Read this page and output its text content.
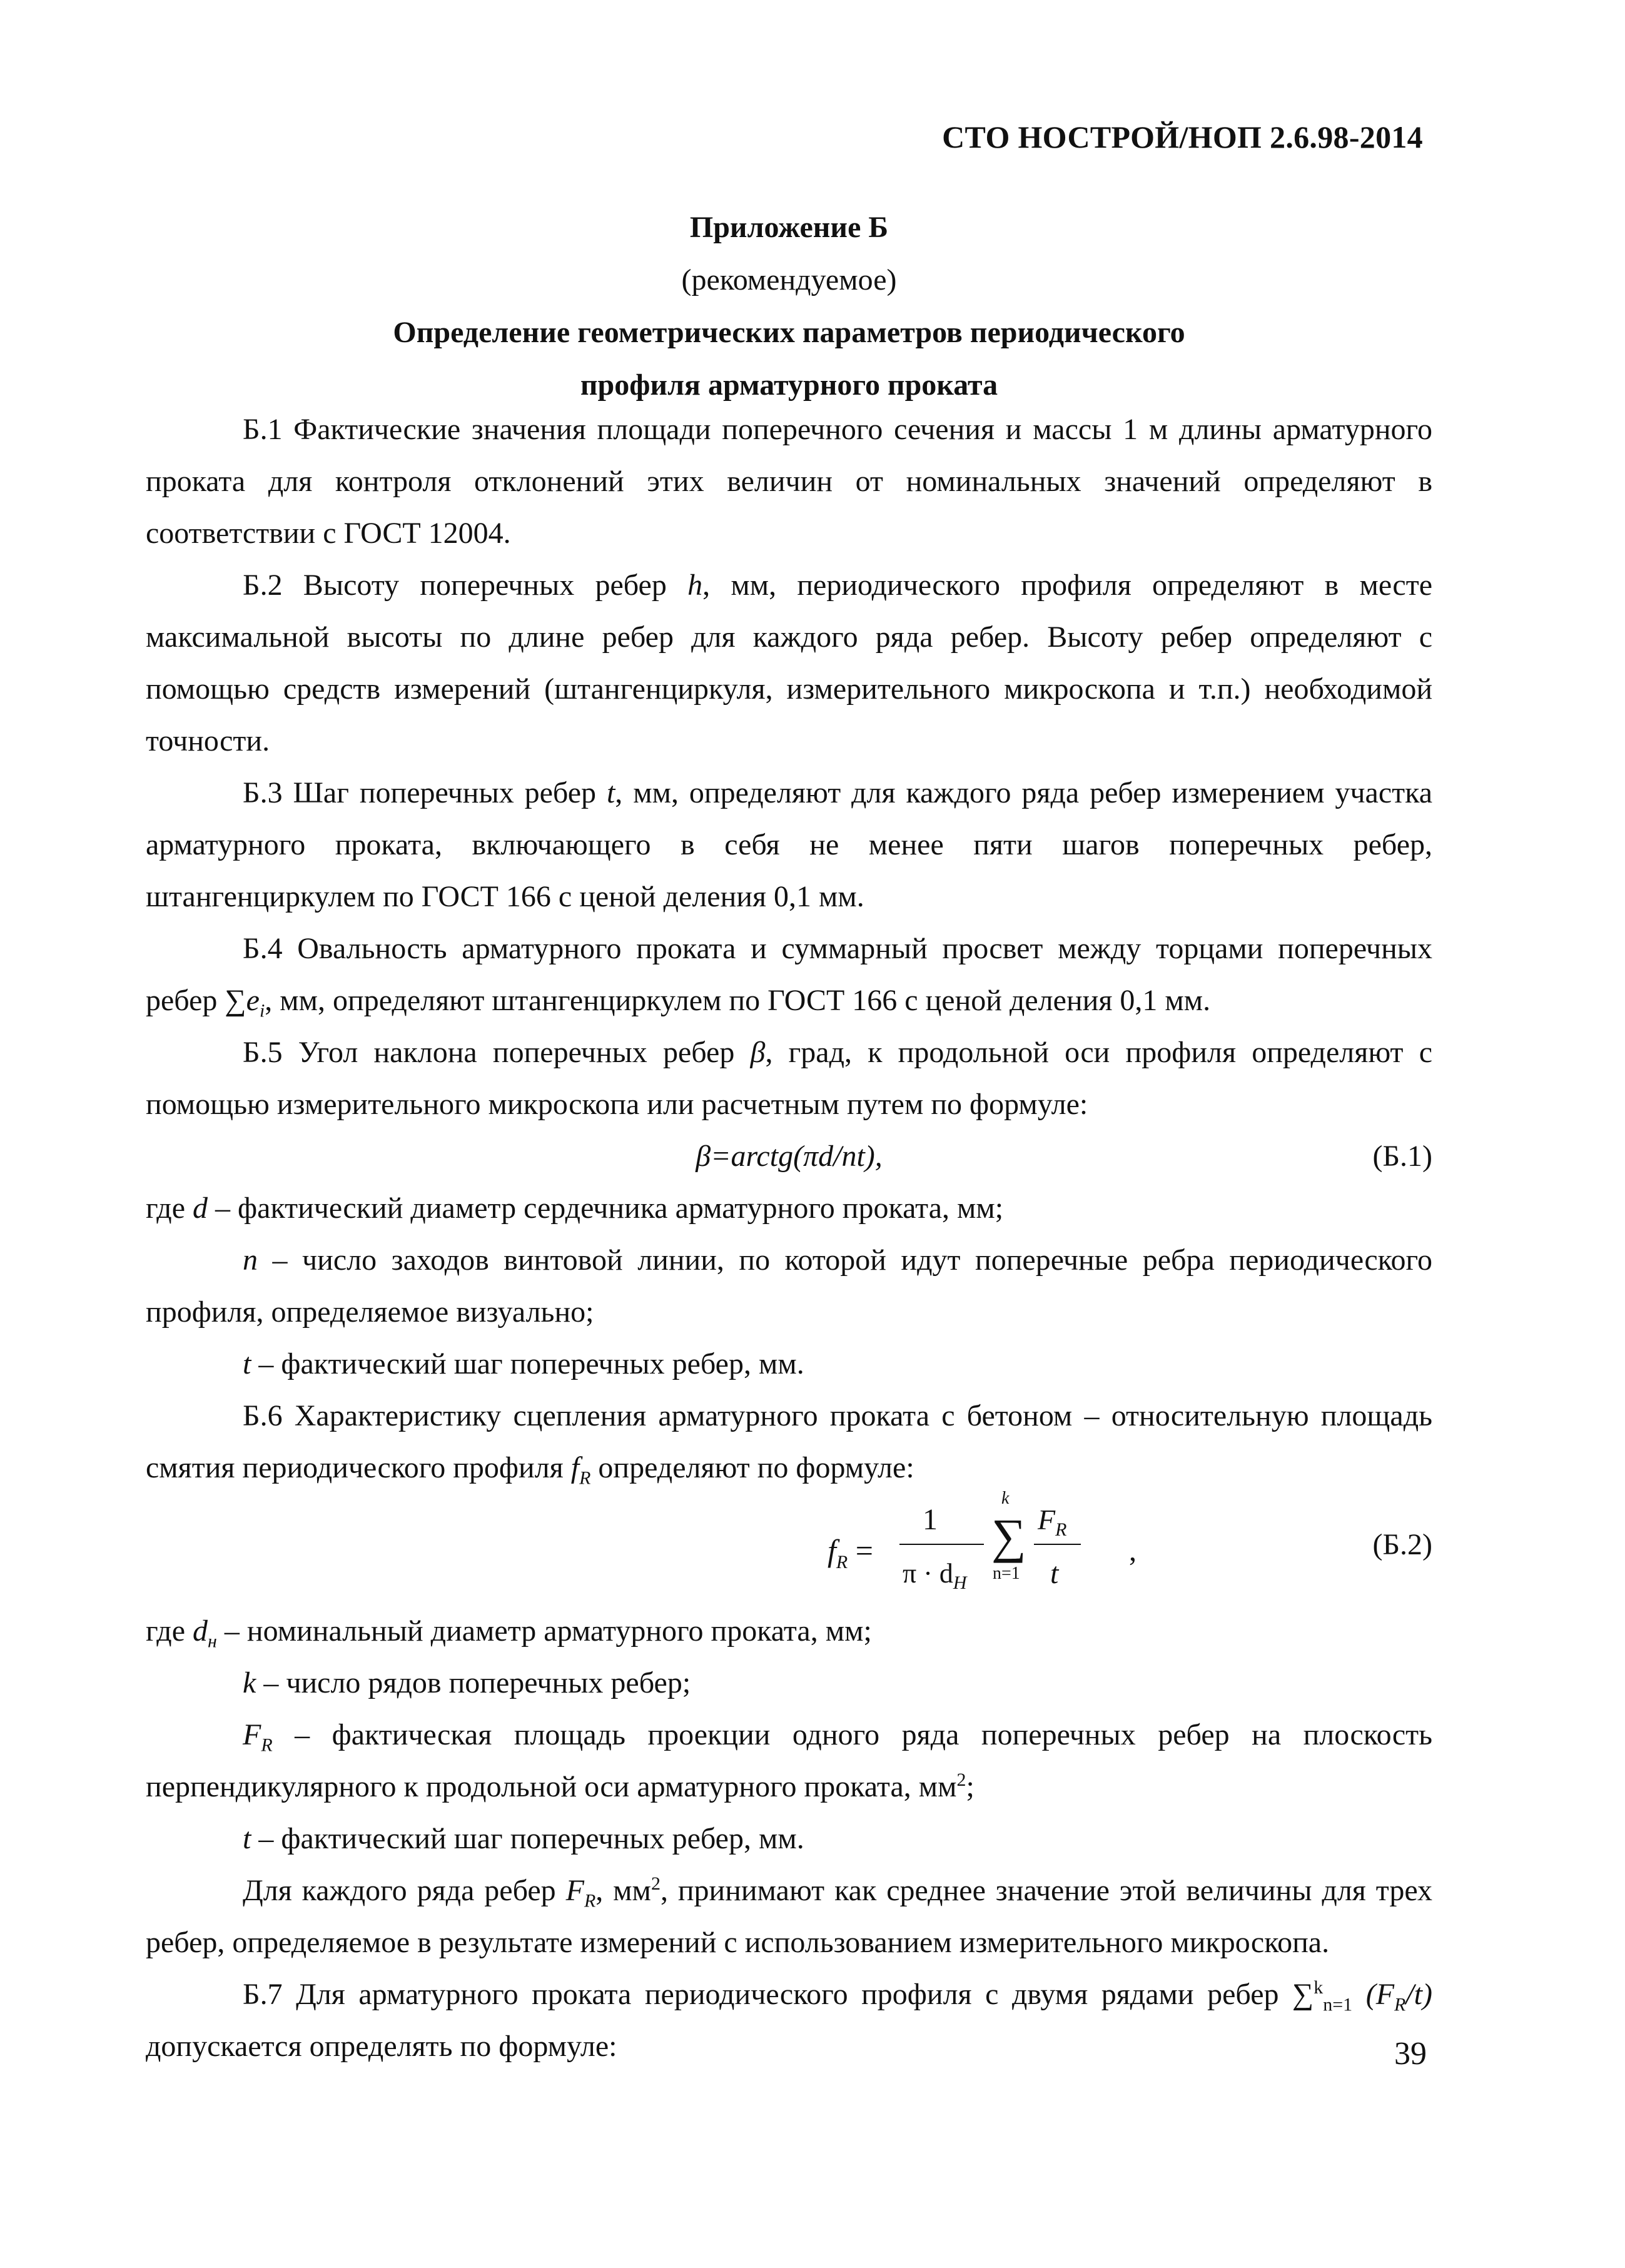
СТО НОСТРОЙ/НОП 2.6.98-2014
Приложение Б
(рекомендуемое)
Определение геометрических параметров периодического
профиля арматурного проката

Б.1 Фактические значения площади поперечного сечения и массы 1 м длины арматурного проката для контроля отклонений этих величин от номинальных значений определяют в соответствии с ГОСТ 12004.

Б.2 Высоту поперечных ребер h, мм, периодического профиля определяют в месте максимальной высоты по длине ребер для каждого ряда ребер. Высоту ребер определяют с помощью средств измерений (штангенциркуля, измерительного микроскопа и т.п.) необходимой точности.

Б.3 Шаг поперечных ребер t, мм, определяют для каждого ряда ребер измерением участка арматурного проката, включающего в себя не менее пяти шагов поперечных ребер, штангенциркулем по ГОСТ 166 с ценой деления 0,1 мм.

Б.4 Овальность арматурного проката и суммарный просвет между торцами поперечных ребер $\sum e_i$, мм, определяют штангенциркулем по ГОСТ 166 с ценой деления 0,1 мм.

Б.5 Угол наклона поперечных ребер β, град, к продольной оси профиля определяют с помощью измерительного микроскопа или расчетным путем по формуле:

β=arctg(πd/nt),	(Б.1)

где d – фактический диаметр сердечника арматурного проката, мм;

n – число заходов винтовой линии, по которой идут поперечные ребра периодического профиля, определяемое визуально;

t – фактический шаг поперечных ребер, мм.

Б.6 Характеристику сцепления арматурного проката с бетоном – относительную площадь смятия периодического профиля $f_R$ определяют по формуле:

$f_R$ =
1
$\pi \cdot d_H$
k
∑
n=1
$F_R$
t
,	(Б.2)

где $d_н$ – номинальный диаметр арматурного проката, мм;

k – число рядов поперечных ребер;

$F_R$ – фактическая площадь проекции одного ряда поперечных ребер на плоскость перпендикулярного к продольной оси арматурного проката, $мм^2$;

t – фактический шаг поперечных ребер, мм.

Для каждого ряда ребер $F_R$, $мм^2$, принимают как среднее значение этой величины для трех ребер, определяемое в результате измерений с использованием измерительного микроскопа.

Б.7 Для арматурного проката периодического профиля с двумя рядами ребер ∑$^k_{n=1}$ $(F_R/t)$ допускается определять по формуле:	39
